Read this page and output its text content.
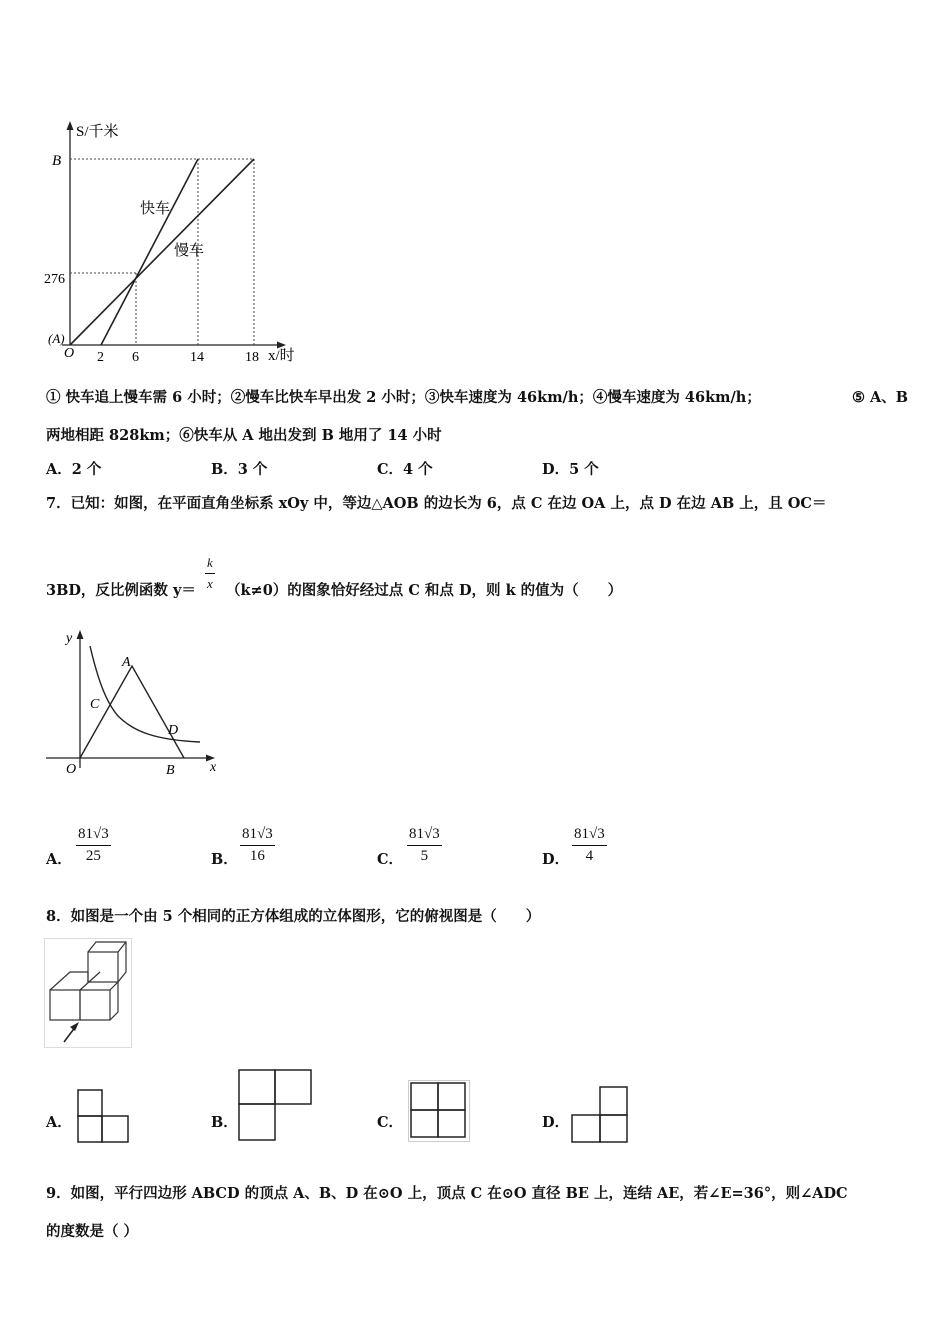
S/千米
x/时
B
276
(A)
O 2 6	14	18
快车
慢车
① 快车追上慢车需 6 小时；②慢车比快车早出发 2 小时；③快车速度为 46km/h；④慢车速度为 46km/h；	⑤ A、B
两地相距 828km；⑥快车从 A 地出发到 B 地用了 14 小时
A．2 个	B．3 个	C．4 个	D．5 个
7．已知：如图，在平面直角坐标系 xOy 中，等边△AOB 的边长为 6，点 C 在边 OA 上，点 D 在边 AB 上，且 OC＝
3BD，反比例函数 $y= \frac{k}{x} (k\ne 0)$的图象恰好经过点 C 和点 D，则 k 的值为（　　）
y
x
O
A
B
C
D
A． $\frac{81√3}{25}$	B． $\frac{81√3}{16}$	C． $\frac{81√3}{5}$	D． $\frac{81√3}{4}$
8．如图是一个由 5 个相同的正方体组成的立体图形，它的俯视图是（　　）
A．	B．	C．	D．
9．如图，平行四边形 ABCD 的顶点 A、B、D 在⊙O 上，顶点 C 在⊙O 直径 BE 上，连结 AE，若∠E=36°，则∠ADC
的度数是（ ）
